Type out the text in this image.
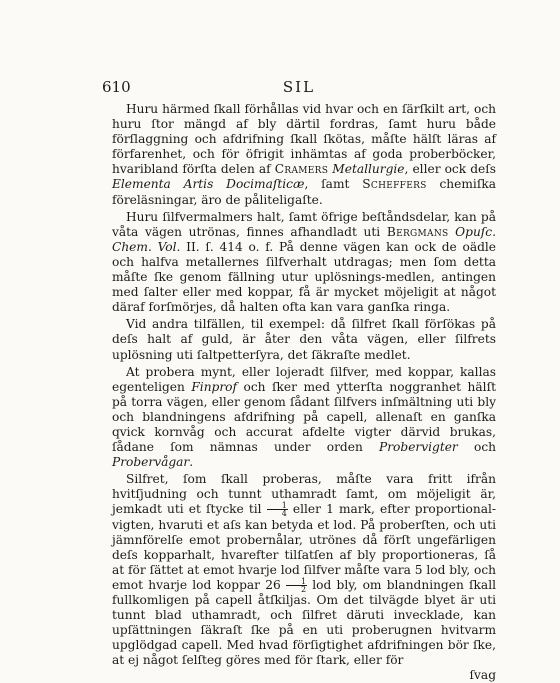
610	SIL

Huru härmed ſkall förhållas vid hvar och en ſärſkilt art, och huru ſtor mängd af bly därtil fordras, ſamt huru både förſlaggning och afdrifning ſkall ſkötas, måſte hälſt läras af förfarenhet, och för öfrigit inhämtas af goda proberböcker, hvaribland förſta delen af Cramers Metallurgie, eller ock deſs Elementa Artis Docimaſticæ, ſamt Scheffers chemiſka föreläsningar, äro de påliteligaſte.

Huru ſilfvermalmers halt, ſamt öfrige beſtåndsdelar, kan på våta vägen utrönas, finnes afhandladt uti Bergmans Opuſc. Chem. Vol. II. ſ. 414 o. f. På denne vägen kan ock de oädle och halfva metallernes ſilfverhalt utdragas; men ſom detta måſte ſke genom fällning utur uplösnings-medlen, antingen med ſalter eller med koppar, få är mycket möjeligit at något däraf forſmörjes, då halten ofta kan vara ganſka ringa.

Vid andra tilfällen, til exempel: då ſilfret ſkall förſökas på deſs halt af guld, är åter den våta vägen, eller ſilfrets uplösning uti ſaltpetterſyra, det ſäkraſte medlet.

At probera mynt, eller lojeradt ſilfver, med koppar, kallas egenteligen Finprof och ſker med ytterſta noggranhet hälſt på torra vägen, eller genom ſådant ſilfvers inſmältning uti bly och blandningens afdrifning på capell, allenaſt en ganſka qvick kornvåg och accurat afdelte vigter därvid brukas, ſådane ſom nämnas under orden Probervigter och Probervågar.

Silfret, ſom ſkall proberas, måſte vara fritt ifrån hvitſjudning och tunnt uthamradt ſamt, om möjeligit är, jemkadt uti et ſtycke til $\frac{1}{4}$ eller 1 mark, efter proportional-vigten, hvaruti et aſs kan betyda et lod. På proberſten, och uti jämnförelſe emot probernålar, utrönes då förſt ungefärligen deſs kopparhalt, hvarefter tilſatſen af bly proportioneras, ſå at för ſättet at emot hvarje lod ſilfver måſte vara 5 lod bly, och emot hvarje lod koppar $26 \frac{1}{2}$ lod bly, om blandningen ſkall fullkomligen på capell åtſkiljas. Om det tilvägde blyet är uti tunnt blad uthamradt, och ſilfret däruti invecklade, kan upſättningen ſäkraſt ſke på en uti proberugnen hvitvarm upglödgad capell. Med hvad förſigtighet afdrifningen bör ſke, at ej något ſelſteg göres med för ſtark, eller för

ſvag
